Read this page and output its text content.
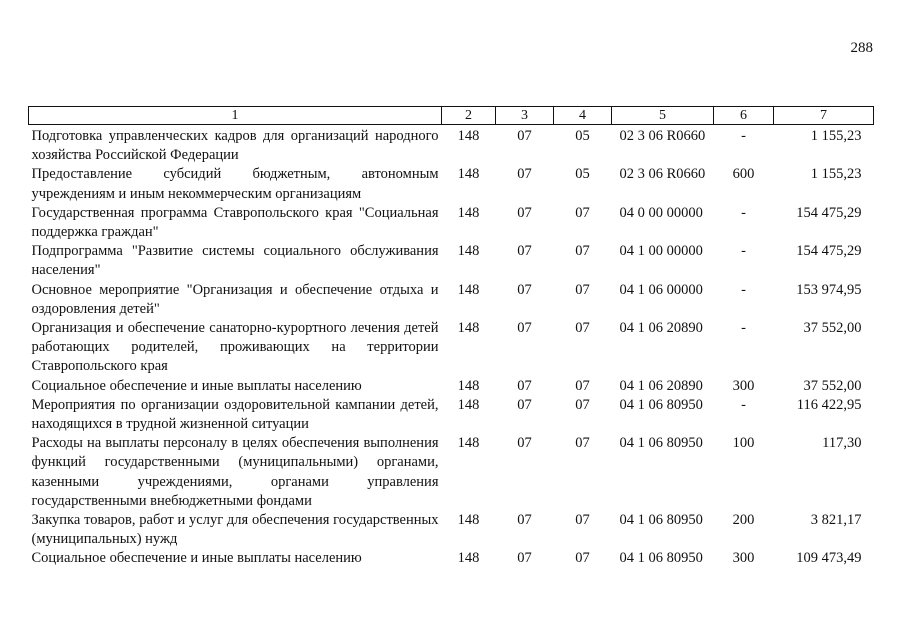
288
1	2	3	4	5	6	7
Подготовка управленческих кадров для организаций народного хозяйства Российской Федерации	148	07	05	02 3 06 R0660	-	1 155,23
Предоставление субсидий бюджетным, автономным учреждениям и иным некоммерческим организациям	148	07	05	02 3 06 R0660	600	1 155,23
Государственная программа Ставропольского края "Социальная поддержка граждан"	148	07	07	04 0 00 00000	-	154 475,29
Подпрограмма "Развитие системы социального обслуживания населения"	148	07	07	04 1 00 00000	-	154 475,29
Основное мероприятие "Организация и обеспечение отдыха и оздоровления детей"	148	07	07	04 1 06 00000	-	153 974,95
Организация и обеспечение санаторно-курортного лечения детей работающих родителей, проживающих на территории Ставропольского края	148	07	07	04 1 06 20890	-	37 552,00
Социальное обеспечение и иные выплаты населению	148	07	07	04 1 06 20890	300	37 552,00
Мероприятия по организации оздоровительной кампании детей, находящихся в трудной жизненной ситуации	148	07	07	04 1 06 80950	-	116 422,95
Расходы на выплаты персоналу в целях обеспечения выполнения функций государственными (муниципальными) органами, казенными учреждениями, органами управления государственными внебюджетными фондами	148	07	07	04 1 06 80950	100	117,30
Закупка товаров, работ и услуг для обеспечения государственных (муниципальных) нужд	148	07	07	04 1 06 80950	200	3 821,17
Социальное обеспечение и иные выплаты населению	148	07	07	04 1 06 80950	300	109 473,49
